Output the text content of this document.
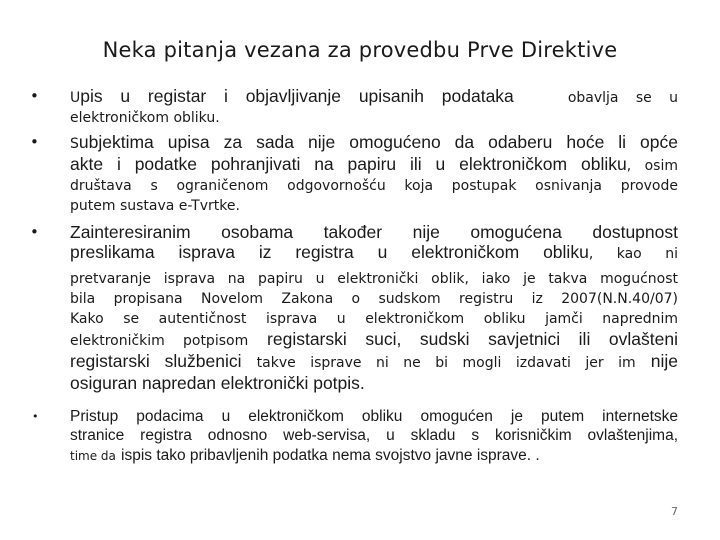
Neka pitanja vezana za provedbu Prve Direktive
• Upis u registar i objavljivanje upisanih podataka	obavlja se u
elektroničkom obliku.
• Subjektima upisa za sada nije omogućeno da odaberu hoće li opće
akte i podatke pohranjivati na papiru ili u elektroničkom obliku, osim
društava s ograničenom odgovornošću koja postupak osnivanja provode
putem sustava e-Tvrtke.
• Zainteresiranim osobama također nije omogućena dostupnost
preslikama isprava iz registra u elektroničkom obliku, kao ni
pretvaranje isprava na papiru u elektronički oblik, iako je takva mogućnost
bila propisana Novelom Zakona o sudskom registru iz 2007(N.N.40/07)
Kako se autentičnost isprava u elektroničkom obliku jamči naprednim
elektroničkim potpisom registarski suci, sudski savjetnici ili ovlašteni
registarski službenici takve isprave ni ne bi mogli izdavati jer im nije
osiguran napredan elektronički potpis.
• Pristup podacima u elektroničkom obliku omogućen je putem internetske
stranice registra odnosno web-servisa, u skladu s korisničkim ovlaštenjima,
time da ispis tako pribavljenih podatka nema svojstvo javne isprave. .
7
